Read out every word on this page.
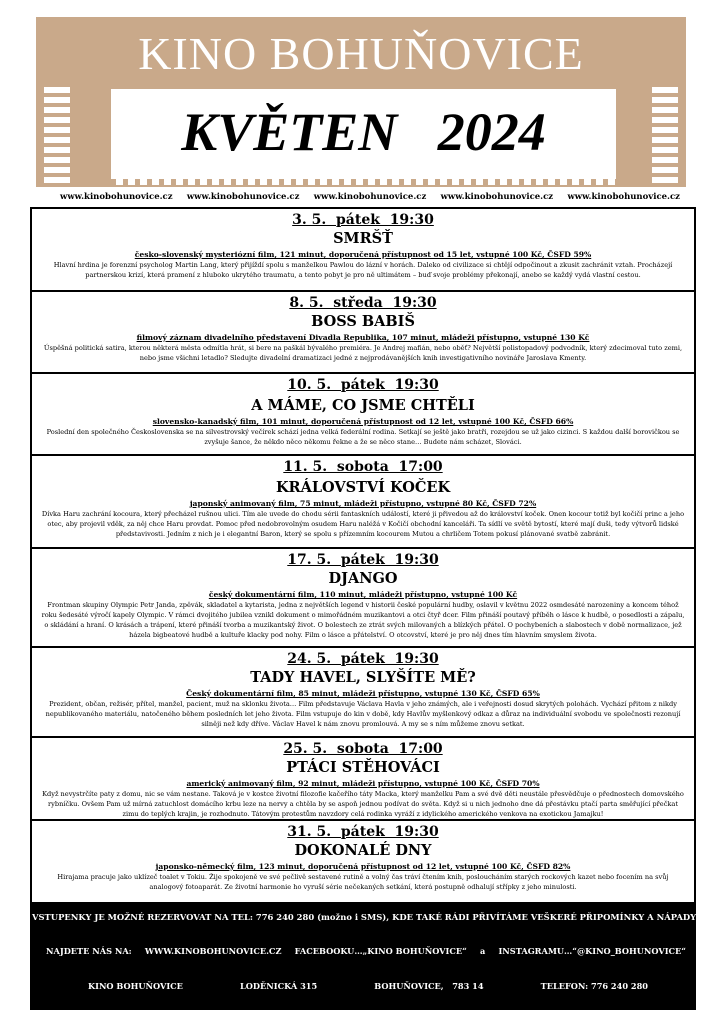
KINO BOHUŇOVICE
KVĚTEN   2024
www.kinobohunovice.cz www.kinobohunovice.cz www.kinobohunovice.cz www.kinobohunovice.cz www.kinobohunovice.cz
3. 5.  pátek  19:30
SMRŠŤ
česko-slovenský mysteriózní film, 121 minut, doporučená přístupnost od 15 let, vstupné 100 Kč, ČSFD 59%
Hlavní hrdina je forenzní psycholog Martin Lang, který přijíždí spolu s manželkou Pawlou do lázní v horách. Daleko od civilizace si chtějí odpočinout a zkusit zachránit vztah. Procházejí partnerskou krizí, která pramení z hluboko ukrytého traumatu, a tento pobyt je pro ně ultimátem – buď svoje problémy překonají, anebo se každý vydá vlastní cestou.
8. 5.  středa  19:30
BOSS BABIŠ
filmový záznam divadelního představení Divadla Republika, 107 minut, mládeži přístupno, vstupné 130 Kč
Úspěšná politická satira, kterou některá města odmítla hrát, si bere na paškál bývalého premiéra. Je Andrej mafián, nebo oběť? Největší polistopadový podvodník, který zdecimoval tuto zemi, nebo jsme všichni letadlo? Sledujte divadelní dramatizaci jedné z nejprodávanějších knih investigativního novináře Jaroslava Kmenty.
10. 5.  pátek  19:30
A MÁME, CO JSME CHTĚLI
slovensko-kanadský film, 101 minut, doporučená přístupnost od 12 let, vstupné 100 Kč, ČSFD 66%
Poslední den společného Československa se na silvestrovský večírek schází jedna velká federální rodina. Setkají se ještě jako bratři, rozejdou se už jako cizinci. S každou další borovičkou se zvyšuje šance, že někdo něco někomu řekne a že se něco stane… Budete nám scházet, Slováci.
11. 5.  sobota  17:00
KRÁLOVSTVÍ KOČEK
japonský animovaný film, 75 minut, mládeži přístupno, vstupné 80 Kč, ČSFD 72%
Dívka Haru zachrání kocoura, který přecházel rušnou ulici. Tím ale uvede do chodu sérii fantaskních událostí, které ji přivedou až do království koček. Onen kocour totiž byl kočičí princ a jeho otec, aby projevil vděk, za něj chce Haru provdat. Pomoc před nedobrovolným osudem Haru naléžá v Kočičí obchodní kanceláři. Ta sídlí ve světě bytostí, které mají duši, tedy výtvorů lidské představivosti. Jedním z nich je i elegantní Baron, který se spolu s přízemním kocourem Mutou a chrličem Totem pokusí plánované svatbě zabránit.
17. 5.  pátek  19:30
DJANGO
český dokumentární film, 110 minut, mládeži přístupno, vstupné 100 Kč
Frontman skupiny Olympic Petr Janda, zpěvák, skladatel a kytarista, jedna z největších legend v historii české populární hudby, oslavil v květnu 2022 osmdesáté narozeniny a koncem téhož roku šedesáté výročí kapely Olympic. V rámci dvojitého jubilea vznikl dokument o mimořádném muzikantovi a otci čtyř dcer. Film přináší poutavý příběh o lásce k hudbě, o posedlosti a zápalu, o skládání a hraní. O krásách a trápení, které přináší tvorba a muzikantský život. O bolestech ze ztrát svých milovaných a blízkých přátel. O pochybeních a slabostech v době normalizace, jež házela bigbeatové hudbě a kultuře klacky pod nohy. Film o lásce a přátelství. O otcovství, které je pro něj dnes tím hlavním smyslem života.
24. 5.  pátek  19:30
TADY HAVEL, SLYŠÍTE MĚ?
Český dokumentární film, 85 minut, mládeži přístupno, vstupné 130 Kč, ČSFD 65%
Prezident, občan, režisér, přítel, manžel, pacient, muž na sklonku života… Film představuje Václava Havla v jeho známých, ale i veřejnosti dosud skrytých polohách. Vychází přitom z nikdy nepublikovaného materiálu, natočeného během posledních let jeho života. Film vstupuje do kin v době, kdy Havlův myšlenkový odkaz a důraz na individuální svobodu ve společnosti rezonují silněji než kdy dříve. Václav Havel k nám znovu promlouvá. A my se s ním můžeme znovu setkat.
25. 5.  sobota  17:00
PTÁCI STĚHOVÁCI
americký animovaný film, 92 minut, mládeži přístupno, vstupné 100 Kč, ČSFD 70%
Když nevystrčíte paty z domu, nic se vám nestane. Taková je v kostce životní filozofie kačeřího táty Macka, který manželku Pam a své dvě děti neustále přesvědčuje o přednostech domovského rybníčku. Ovšem Pam už mírná zatuchlost domácího krbu leze na nervy a chtěla by se aspoň jednou podívat do světa. Když si u nich jednoho dne dá přestávku ptačí parta směřující přečkat zimu do teplých krajin, je rozhodnuto. Tátovým protestům navzdory celá rodinka vyráží z idylického amerického venkova na exotickou Jamajku!
31. 5.  pátek  19:30
DOKONALÉ DNY
japonsko-německý film, 123 minut, doporučená přístupnost od 12 let, vstupné 100 Kč, ČSFD 82%
Hirajama pracuje jako uklízeč toalet v Tokiu. Žije spokojeně ve své pečlivě sestavené rutině a volný čas tráví čtením knih, posloucháním starých rockových kazet nebo focením na svůj analogový fotoaparát. Ze životní harmonie ho vyruší série nečekaných setkání, která postupně odhalují střípky z jeho minulosti.
VSTUPENKY JE MOŽNÉ REZERVOVAT NA TEL: 776 240 280 (možno i SMS), KDE TAKÉ RÁDI PŘIVÍTÁME VEŠKERÉ PŘIPOMÍNKY A NÁPADY…
NAJDETE NÁS NA: WWW.KINOBOHUNOVICE.CZ FACEBOOKU…„KINO BOHUŇOVICE“ a INSTAGRAMU…“@KINO_BOHUNOVICE“
KINO BOHUŇOVICE	LODĚNICKÁ 315	BOHUŇOVICE,   783 14	TELEFON: 776 240 280
